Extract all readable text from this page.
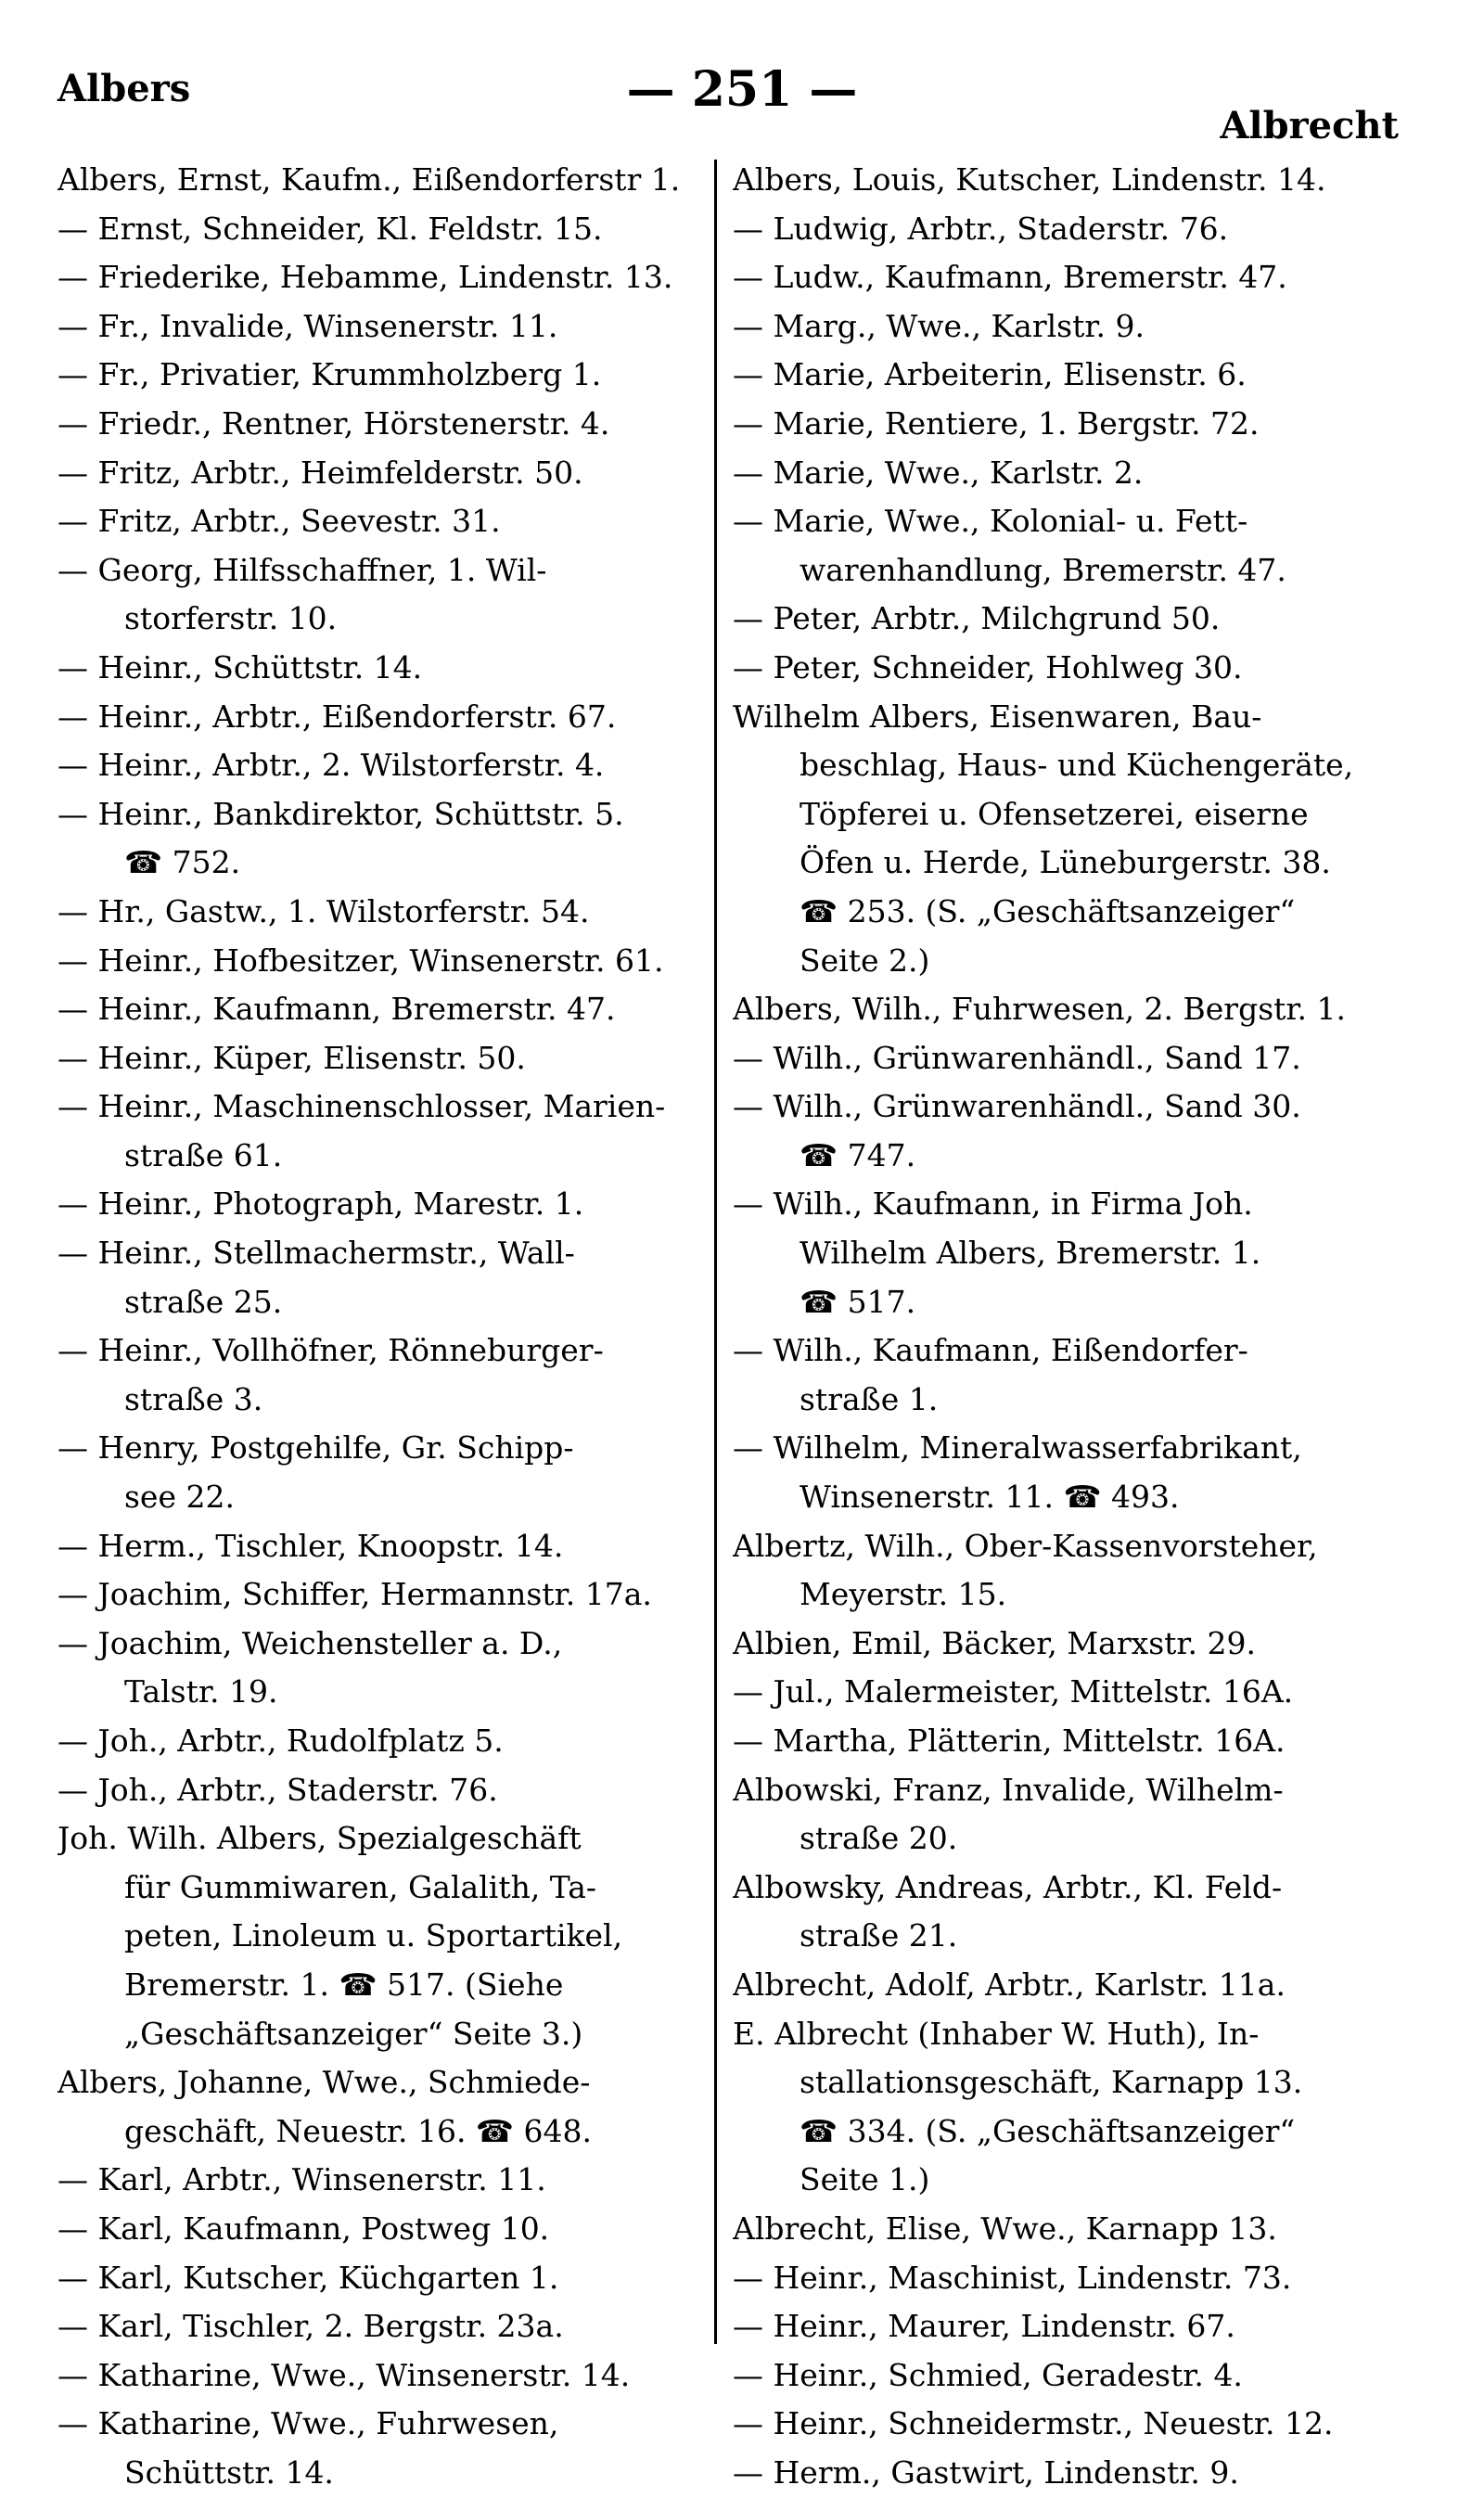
Albers	— 251 —
Albrecht
Albers, Ernst, Kaufm., Eißendorferstr 1.
— Ernst, Schneider, Kl. Feldstr. 15.
— Friederike, Hebamme, Lindenstr. 13.
— Fr., Invalide, Winsenerstr. 11.
— Fr., Privatier, Krummholzberg 1.
— Friedr., Rentner, Hörstenerstr. 4.
— Fritz, Arbtr., Heimfelderstr. 50.
— Fritz, Arbtr., Seevestr. 31.
— Georg, Hilfsschaffner, 1. Wil-
storferstr. 10.
— Heinr., Schüttstr. 14.
— Heinr., Arbtr., Eißendorferstr. 67.
— Heinr., Arbtr., 2. Wilstorferstr. 4.
— Heinr., Bankdirektor, Schüttstr. 5.
☎ 752.
— Hr., Gastw., 1. Wilstorferstr. 54.
— Heinr., Hofbesitzer, Winsenerstr. 61.
— Heinr., Kaufmann, Bremerstr. 47.
— Heinr., Küper, Elisenstr. 50.
— Heinr., Maschinenschlosser, Marien-
straße 61.
— Heinr., Photograph, Marestr. 1.
— Heinr., Stellmachermstr., Wall-
straße 25.
— Heinr., Vollhöfner, Rönneburger-
straße 3.
— Henry, Postgehilfe, Gr. Schipp-
see 22.
— Herm., Tischler, Knoopstr. 14.
— Joachim, Schiffer, Hermannstr. 17a.
— Joachim, Weichensteller a. D.,
Talstr. 19.
— Joh., Arbtr., Rudolfplatz 5.
— Joh., Arbtr., Staderstr. 76.
Joh. Wilh. Albers, Spezialgeschäft
für Gummiwaren, Galalith, Ta-
peten, Linoleum u. Sportartikel,
Bremerstr. 1. ☎ 517. (Siehe
„Geschäftsanzeiger“ Seite 3.)
Albers, Johanne, Wwe., Schmiede-
geschäft, Neuestr. 16. ☎ 648.
— Karl, Arbtr., Winsenerstr. 11.
— Karl, Kaufmann, Postweg 10.
— Karl, Kutscher, Küchgarten 1.
— Karl, Tischler, 2. Bergstr. 23a.
— Katharine, Wwe., Winsenerstr. 14.
— Katharine, Wwe., Fuhrwesen,
Schüttstr. 14.
Albers, Louis, Kutscher, Lindenstr. 14.
— Ludwig, Arbtr., Staderstr. 76.
— Ludw., Kaufmann, Bremerstr. 47.
— Marg., Wwe., Karlstr. 9.
— Marie, Arbeiterin, Elisenstr. 6.
— Marie, Rentiere, 1. Bergstr. 72.
— Marie, Wwe., Karlstr. 2.
— Marie, Wwe., Kolonial- u. Fett-
warenhandlung, Bremerstr. 47.
— Peter, Arbtr., Milchgrund 50.
— Peter, Schneider, Hohlweg 30.
Wilhelm Albers, Eisenwaren, Bau-
beschlag, Haus- und Küchengeräte,
Töpferei u. Ofensetzerei, eiserne
Öfen u. Herde, Lüneburgerstr. 38.
☎ 253. (S. „Geschäftsanzeiger“
Seite 2.)
Albers, Wilh., Fuhrwesen, 2. Bergstr. 1.
— Wilh., Grünwarenhändl., Sand 17.
— Wilh., Grünwarenhändl., Sand 30.
☎ 747.
— Wilh., Kaufmann, in Firma Joh.
Wilhelm Albers, Bremerstr. 1.
☎ 517.
— Wilh., Kaufmann, Eißendorfer-
straße 1.
— Wilhelm, Mineralwasserfabrikant,
Winsenerstr. 11. ☎ 493.
Albertz, Wilh., Ober-Kassenvorsteher,
Meyerstr. 15.
Albien, Emil, Bäcker, Marxstr. 29.
— Jul., Malermeister, Mittelstr. 16A.
— Martha, Plätterin, Mittelstr. 16A.
Albowski, Franz, Invalide, Wilhelm-
straße 20.
Albowsky, Andreas, Arbtr., Kl. Feld-
straße 21.
Albrecht, Adolf, Arbtr., Karlstr. 11a.
E. Albrecht (Inhaber W. Huth), In-
stallationsgeschäft, Karnapp 13.
☎ 334. (S. „Geschäftsanzeiger“
Seite 1.)
Albrecht, Elise, Wwe., Karnapp 13.
— Heinr., Maschinist, Lindenstr. 73.
— Heinr., Maurer, Lindenstr. 67.
— Heinr., Schmied, Geradestr. 4.
— Heinr., Schneidermstr., Neuestr. 12.
— Herm., Gastwirt, Lindenstr. 9.
